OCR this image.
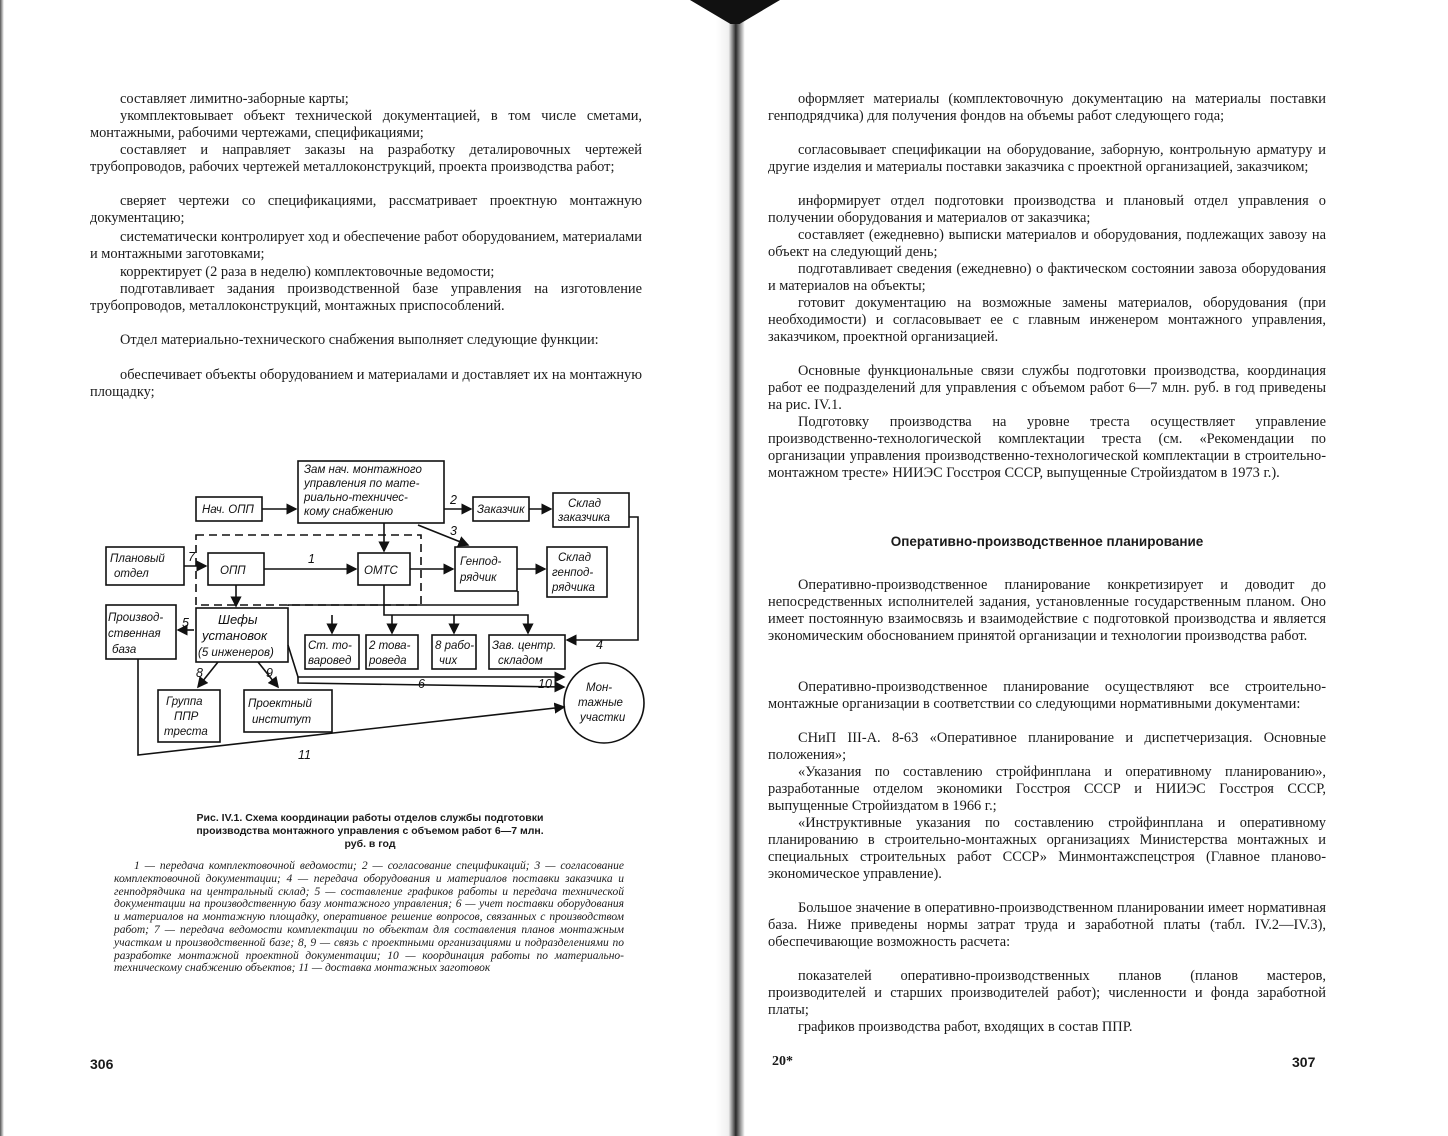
составляет лимитно-заборные карты;

укомплектовывает объект технической документацией, в том числе сметами, монтажными, рабочими чертежами, спецификациями;

составляет и направляет заказы на разработку деталировочных чертежей трубопроводов, рабочих чертежей металлоконструкций, проекта производства работ;

сверяет чертежи со спецификациями, рассматривает проектную монтажную документацию;

систематически контролирует ход и обеспечение работ оборудованием, материалами и монтажными заготовками;

корректирует (2 раза в неделю) комплектовочные ведомости;

подготавливает задания производственной базе управления на изготовление трубопроводов, металлоконструкций, монтажных приспособлений.

Отдел материально-технического снабжения выполняет следующие функции:

обеспечивает объекты оборудованием и материалами и доставляет их на монтажную площадку;

Зам нач. монтажного
управления по мате-
риально-техничес-
кому снабжению
Нач. ОПП	Заказчик	Склад
заказчика
Плановый
отдел	ОПП	ОМТС
Генпод-
рядчик
Склад
генпод-
рядчика
Производ-
ственная
база
Шефы
установок
(5 инженеров)
Ст. то-
варовед
2 това-
роведа
8 рабо-
чих
Зав. центр.
складом
Группа
ППР
треста
Проектный
институт
Мон-
тажные
участки
1
2
3
4
5
6
7
8	9
10
11

Рис. IV.1. Схема координации работы отделов службы подготовки

производства монтажного управления с объемом работ 6—7 млн.

руб. в год

1 — передача комплектовочной ведомости; 2 — согласование спецификаций; 3 — согласование комплектовочной документации; 4 — передача оборудования и материалов поставки заказчика и генподрядчика на центральный склад; 5 — составление графиков работы и передача технической документации на производственную базу монтажного управления; 6 — учет поставки оборудования и материалов на монтажную площадку, оперативное решение вопросов, связанных с производством работ; 7 — передача ведомости комплектации по объектам для составления планов монтажным участкам и производственной базе; 8, 9 — связь с проектными организациями и подразделениями по разработке монтажной проектной документации; 10 — координация работы по материально-техническому снабжению объектов; 11 — доставка монтажных заготовок

306

оформляет материалы (комплектовочную документацию на материалы поставки генподрядчика) для получения фондов на объемы работ следующего года;

согласовывает спецификации на оборудование, заборную, контрольную арматуру и другие изделия и материалы поставки заказчика с проектной организацией, заказчиком;

информирует отдел подготовки производства и плановый отдел управления о получении оборудования и материалов от заказчика;

составляет (ежедневно) выписки материалов и оборудования, подлежащих завозу на объект на следующий день;

подготавливает сведения (ежедневно) о фактическом состоянии завоза оборудования и материалов на объекты;

готовит документацию на возможные замены материалов, оборудования (при необходимости) и согласовывает ее с главным инженером монтажного управления, заказчиком, проектной организацией.

Основные функциональные связи службы подготовки производства, координация работ ее подразделений для управления с объемом работ 6—7 млн. руб. в год приведены на рис. IV.1.

Подготовку производства на уровне треста осуществляет управление производственно-технологической комплектации треста (см. «Рекомендации по организации управления производственно-технологической комплектации в строительно-монтажном тресте» НИИЭС Госстроя СССР, выпущенные Стройиздатом в 1973 г.).

Оперативно-производственное планирование

Оперативно-производственное планирование конкретизирует и доводит до непосредственных исполнителей задания, установленные государственным планом. Оно имеет постоянную взаимосвязь и взаимодействие с подготовкой производства и является экономическим обоснованием принятой организации и технологии производства работ.

Оперативно-производственное планирование осуществляют все строительно-монтажные организации в соответствии со следующими нормативными документами:

СНиП III-А. 8-63 «Оперативное планирование и диспетчеризация. Основные положения»;

«Указания по составлению стройфинплана и оперативному планированию», разработанные отделом экономики Госстроя СССР и НИИЭС Госстроя СССР, выпущенные Стройиздатом в 1966 г.;

«Инструктивные указания по составлению стройфинплана и оперативному планированию в строительно-монтажных организациях Министерства монтажных и специальных строительных работ СССР» Минмонтажспецстроя (Главное планово-экономическое управление).

Большое значение в оперативно-производственном планировании имеет нормативная база. Ниже приведены нормы затрат труда и заработной платы (табл. IV.2—IV.3), обеспечивающие возможность расчета:

показателей оперативно-производственных планов (планов мастеров, производителей и старших производителей работ); численности и фонда заработной платы;

графиков производства работ, входящих в состав ППР.

20*	307
